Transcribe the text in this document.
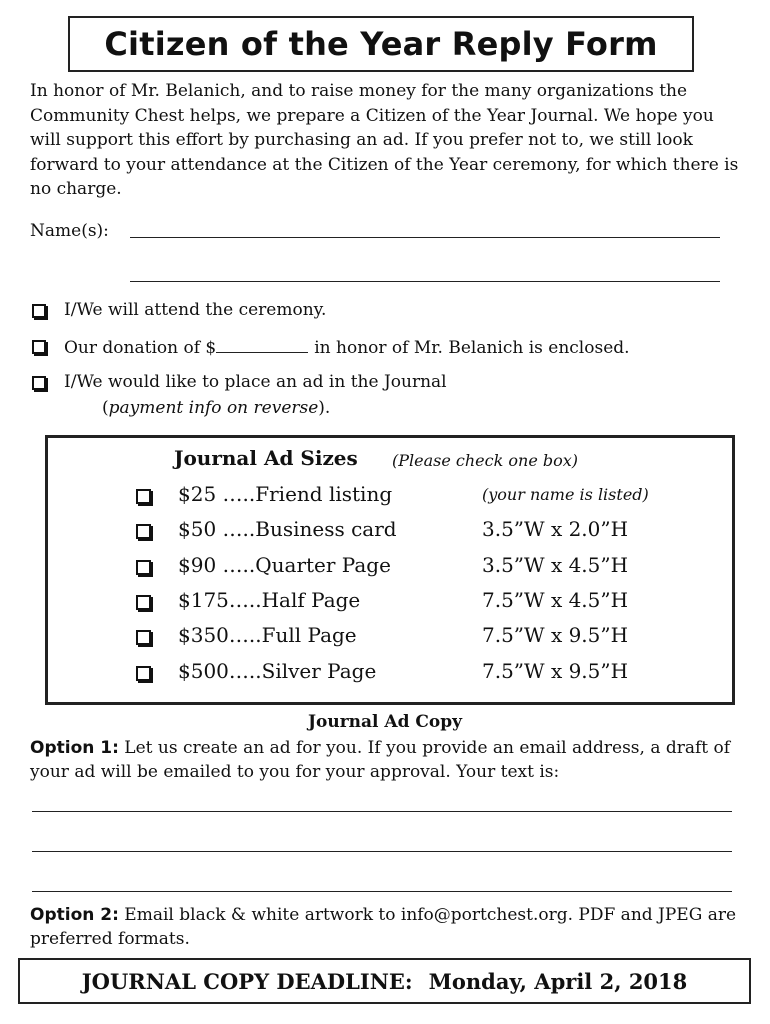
Citizen of the Year Reply Form

In honor of Mr. Belanich, and to raise money for the many organizations the Community Chest helps, we prepare a Citizen of the Year Journal. We hope you will support this effort by purchasing an ad. If you prefer not to, we still look forward to your attendance at the Citizen of the Year ceremony, for which there is no charge.

Name(s):
I/We will attend the ceremony.
Our donation of $	in honor of Mr. Belanich is enclosed.
I/We would like to place an ad in the Journal
(payment info on reverse).
Journal Ad Sizes (Please check one box)
$25 …..Friend listing	(your name is listed)
$50 …..Business card	3.5”W x 2.0”H
$90 …..Quarter Page	3.5”W x 4.5”H
$175…..Half Page	7.5”W x 4.5”H
$350…..Full Page	7.5”W x 9.5”H
$500…..Silver Page	7.5”W x 9.5”H
Journal Ad Copy

Option 1: Let us create an ad for you. If you provide an email address, a draft of your ad will be emailed to you for your approval. Your text is:

Option 2: Email black & white artwork to info@portchest.org. PDF and JPEG are preferred formats.

JOURNAL COPY DEADLINE: Monday, April 2, 2018
